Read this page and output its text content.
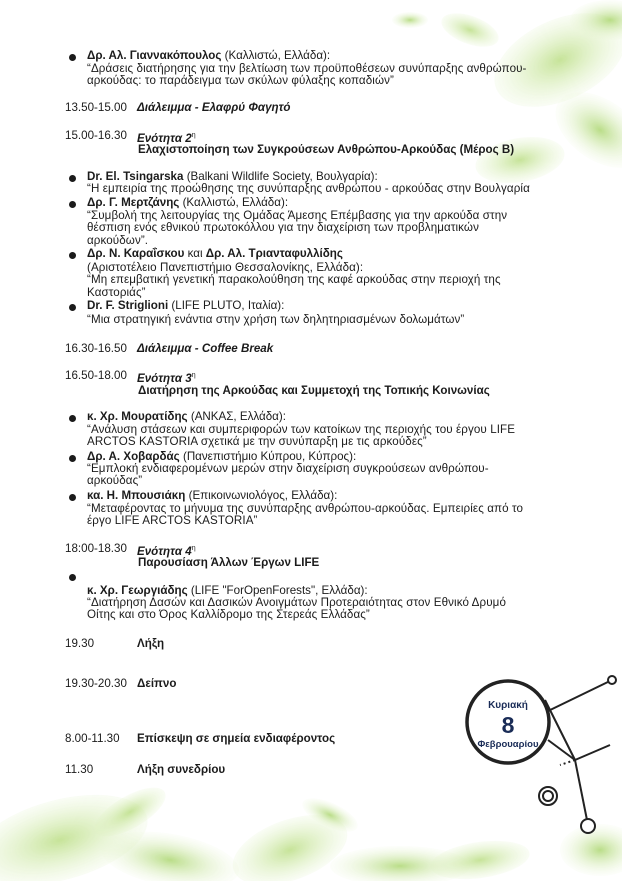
Δρ. Αλ. Γιαννακόπουλος (Καλλιστώ, Ελλάδα):
“Δράσεις διατήρησης για την βελτίωση των προϋποθέσεων συνύπαρξης ανθρώπου-
αρκούδας: το παράδειγμα των σκύλων φύλαξης κοπαδιών”
13.50-15.00 Διάλειμμα - Ελαφρύ Φαγητό
15.00-16.30 Ενότητα $2^\eta$
Ελαχιστοποίηση των Συγκρούσεων Ανθρώπου-Αρκούδας (Μέρος Β)
Dr. El. Tsingarska (Balkani Wildlife Society, Βουλγαρία):
“Η εμπειρία της προώθησης της συνύπαρξης ανθρώπου - αρκούδας στην Βουλγαρία
Δρ. Γ. Μερτζάνης (Καλλιστώ, Ελλάδα):
“Συμβολή της λειτουργίας της Ομάδας Άμεσης Επέμβασης για την αρκούδα στην
θέσπιση ενός εθνικού πρωτοκόλλου για την διαχείριση των προβληματικών
αρκούδων”.
Δρ. Ν. Καραΐσκου και Δρ. Αλ. Τριανταφυλλίδης
(Αριστοτέλειο Πανεπιστήμιο Θεσσαλονίκης, Ελλάδα):
“Μη επεμβατική γενετική παρακολούθηση της καφέ αρκούδας στην περιοχή της
Καστοριάς”
Dr. F. Striglioni (LIFE PLUTO, Ιταλία):
“Μια στρατηγική ενάντια στην χρήση των δηλητηριασμένων δολωμάτων”
16.30-16.50 Διάλειμμα - Coffee Break
16.50-18.00 Ενότητα $3^\eta$
Διατήρηση της Αρκούδας και Συμμετοχή της Τοπικής Κοινωνίας
κ. Χρ. Μουρατίδης (ΑΝΚΑΣ, Ελλάδα):
“Ανάλυση στάσεων και συμπεριφορών των κατοίκων της περιοχής του έργου LIFE
ARCTOS KASTORIA σχετικά με την συνύπαρξη με τις αρκούδες”
Δρ. Α. Χοβαρδάς (Πανεπιστήμιο Κύπρου, Κύπρος):
“Εμπλοκή ενδιαφερομένων μερών στην διαχείριση συγκρούσεων ανθρώπου-
αρκούδας”
κα. Η. Μπουσιάκη (Επικοινωνιολόγος, Ελλάδα):
“Μεταφέροντας το μήνυμα της συνύπαρξης ανθρώπου-αρκούδας. Εμπειρίες από το
έργο LIFE ARCTOS KASTORIA”
18:00-18.30 Ενότητα $4^\eta$
Παρουσίαση Άλλων Έργων LIFE
κ. Χρ. Γεωργιάδης (LIFE "ForOpenForests", Ελλάδα):
“Διατήρηση Δασών και Δασικών Ανοιγμάτων Προτεραιότητας στον Εθνικό Δρυμό
Οίτης και στο Όρος Καλλίδρομο της Στερεάς Ελλάδας”
19.30	Λήξη
19.30-20.30 Δείπνο
Κυριακή
8
Φεβρουαρίου
8.00-11.30 Επίσκεψη σε σημεία ενδιαφέροντος
11.30	Λήξη συνεδρίου
